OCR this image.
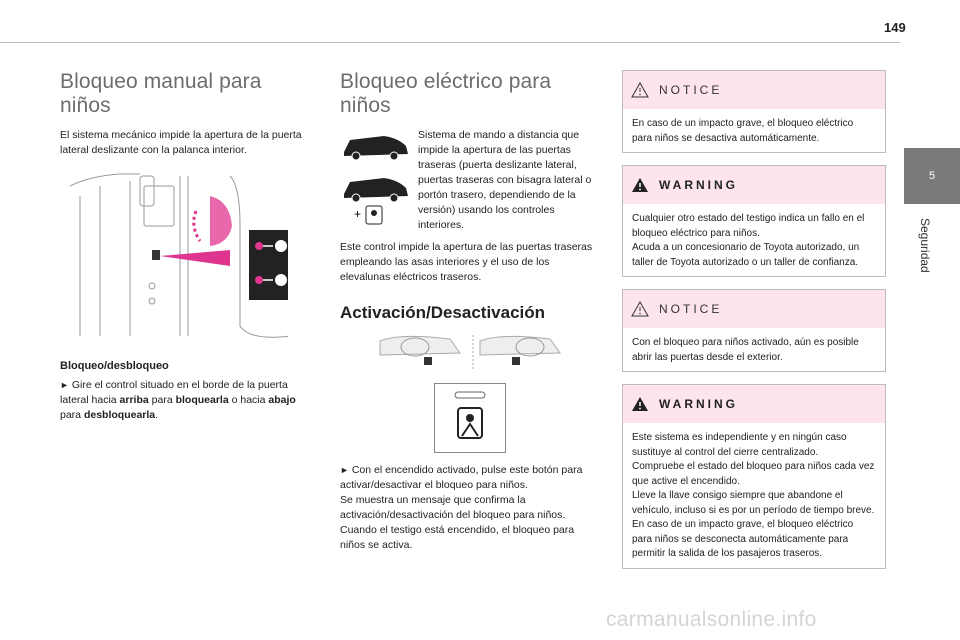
149
5
Seguridad
Bloqueo manual para niños

El sistema mecánico impide la apertura de la puerta lateral deslizante con la palanca interior.

Bloqueo/desbloqueo

► Gire el control situado en el borde de la puerta lateral hacia arriba para bloquearla o hacia abajo para desbloquearla.

Bloqueo eléctrico para niños
+
Sistema de mando a distancia que impide la apertura de las puertas traseras (puerta deslizante lateral, puertas traseras con bisagra lateral o portón trasero, dependiendo de la versión) usando los controles interiores.

Este control impide la apertura de las puertas traseras empleando las asas interiores y el uso de los elevalunas eléctricos traseros.

Activación/Desactivación

► Con el encendido activado, pulse este botón para activar/desactivar el bloqueo para niños.
Se muestra un mensaje que confirma la activación/desactivación del bloqueo para niños.
Cuando el testigo está encendido, el bloqueo para niños se activa.

NOTICE
En caso de un impacto grave, el bloqueo eléctrico para niños se desactiva automáticamente.
WARNING
Cualquier otro estado del testigo indica un fallo en el bloqueo eléctrico para niños.
Acuda a un concesionario de Toyota autorizado, un taller de Toyota autorizado o un taller de confianza.
NOTICE
Con el bloqueo para niños activado, aún es posible abrir las puertas desde el exterior.
WARNING
Este sistema es independiente y en ningún caso sustituye al control del cierre centralizado.
Compruebe el estado del bloqueo para niños cada vez que active el encendido.
Lleve la llave consigo siempre que abandone el vehículo, incluso si es por un período de tiempo breve.
En caso de un impacto grave, el bloqueo eléctrico para niños se desconecta automáticamente para permitir la salida de los pasajeros traseros.
carmanualsonline.info
